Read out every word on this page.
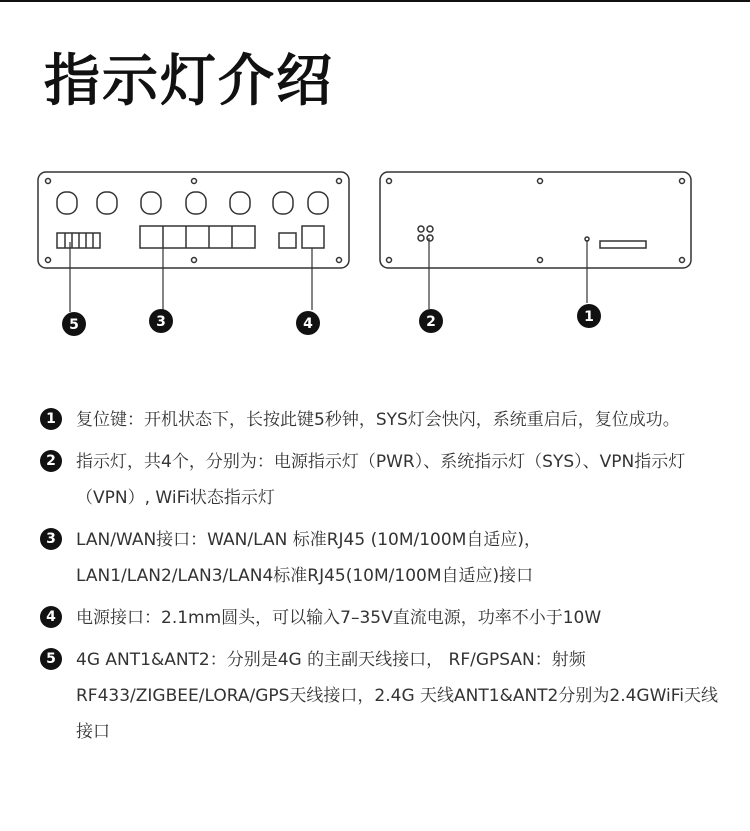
指示灯介绍
5	3	4	2	1
1	复位键：开机状态下，长按此键5秒钟，SYS灯会快闪，系统重启后，复位成功。
2	指示灯，共4个，分别为：电源指示灯（PWR）、系统指示灯（SYS）、VPN指示灯（VPN）, WiFi状态指示灯
3	LAN/WAN接口：WAN/LAN 标准RJ45 (10M/100M自适应)，LAN1/LAN2/LAN3/LAN4标准RJ45(10M/100M自适应)接口
4	电源接口：2.1mm圆头，可以输入7–35V直流电源，功率不小于10W
5	4G ANT1&ANT2：分别是4G 的主副天线接口， RF/GPSAN：射频RF433/ZIGBEE/LORA/GPS天线接口，2.4G 天线ANT1&ANT2分别为2.4GWiFi天线接口
